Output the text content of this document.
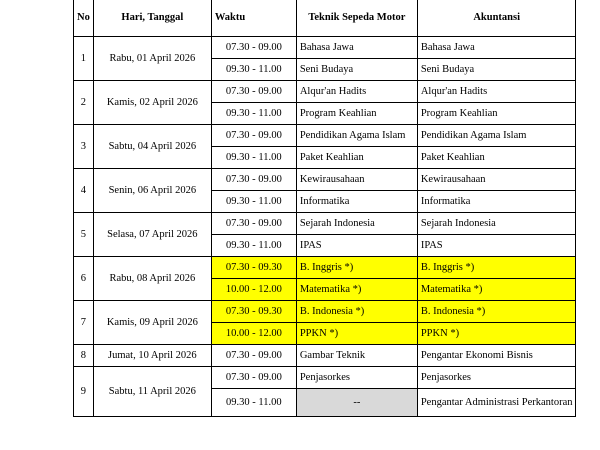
No	Hari, Tanggal	Waktu	Teknik Sepeda Motor	Akuntansi
1	Rabu, 01 April 2026	07.30 - 09.00	Bahasa Jawa	Bahasa Jawa
		09.30 - 11.00	Seni Budaya	Seni Budaya
2	Kamis, 02 April 2026	07.30 - 09.00	Alqur'an Hadits	Alqur'an Hadits
		09.30 - 11.00	Program Keahlian	Program Keahlian
3	Sabtu, 04 April 2026	07.30 - 09.00	Pendidikan Agama Islam	Pendidikan Agama Islam
		09.30 - 11.00	Paket Keahlian	Paket Keahlian
4	Senin, 06 April 2026	07.30 - 09.00	Kewirausahaan	Kewirausahaan
		09.30 - 11.00	Informatika	Informatika
5	Selasa, 07 April 2026	07.30 - 09.00	Sejarah Indonesia	Sejarah Indonesia
		09.30 - 11.00	IPAS	IPAS
6	Rabu, 08 April 2026	07.30 - 09.30	B. Inggris *)	B. Inggris *)
		10.00 - 12.00	Matematika *)	Matematika *)
7	Kamis, 09 April 2026	07.30 - 09.30	B. Indonesia *)	B. Indonesia *)
		10.00 - 12.00	PPKN *)	PPKN *)
8	Jumat, 10 April 2026	07.30 - 09.00	Gambar Teknik	Pengantar Ekonomi Bisnis
9	Sabtu, 11 April 2026	07.30 - 09.00	Penjasorkes	Penjasorkes
		09.30 - 11.00	--	Pengantar Administrasi Perkantoran
